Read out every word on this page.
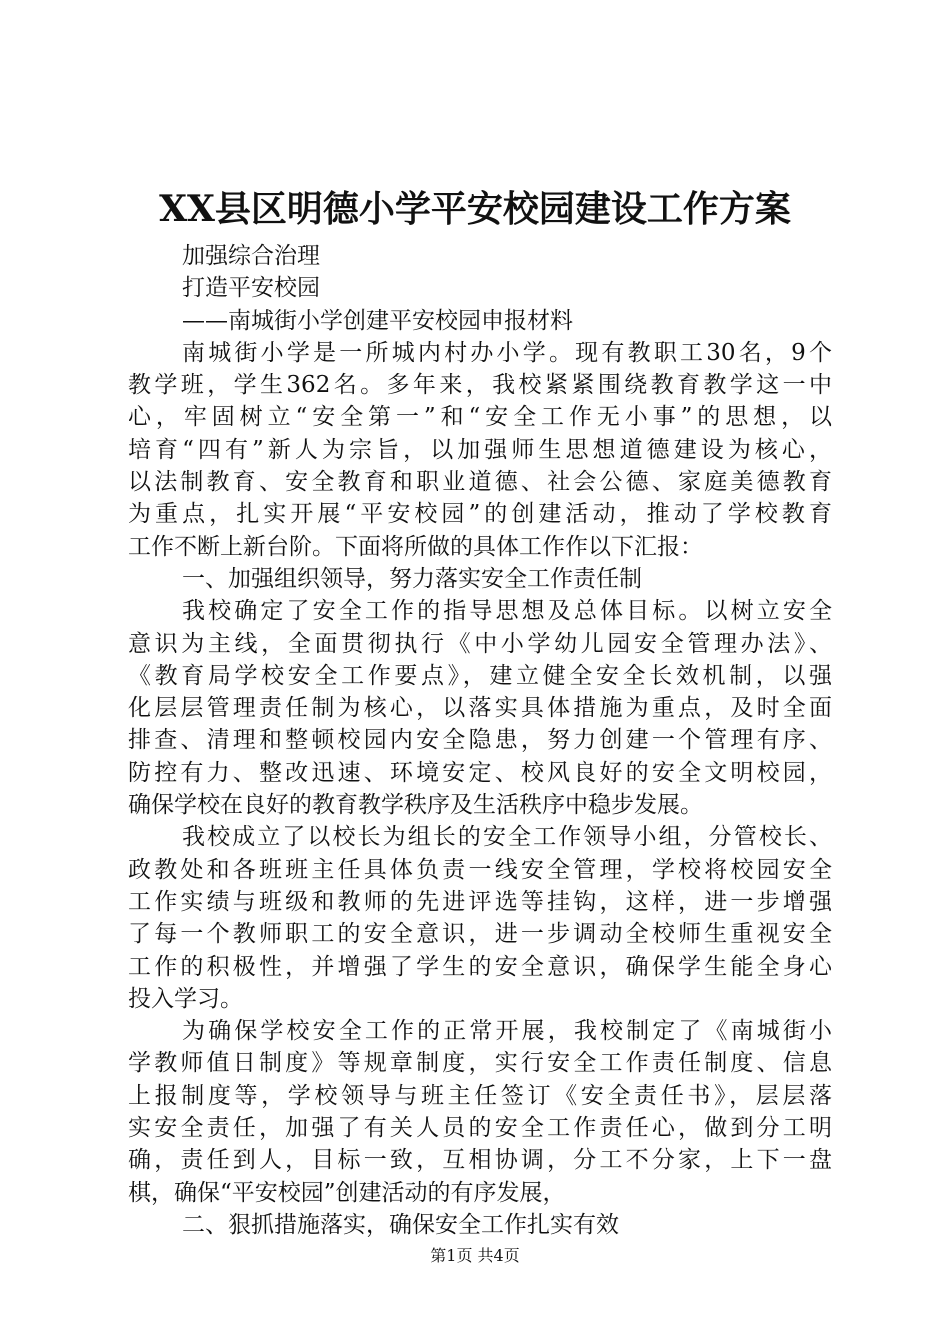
XX县区明德小学平安校园建设工作方案
加强综合治理
打造平安校园
——南城街小学创建平安校园申报材料
南城街小学是一所城内村办小学。现有教职工30名，9个
教学班，学生362名。多年来，我校紧紧围绕教育教学这一中
心，牢固树立“安全第一”和“安全工作无小事”的思想，以
培育“四有”新人为宗旨，以加强师生思想道德建设为核心，
以法制教育、安全教育和职业道德、社会公德、家庭美德教育
为重点，扎实开展“平安校园”的创建活动，推动了学校教育
工作不断上新台阶。下面将所做的具体工作作以下汇报：
一、加强组织领导，努力落实安全工作责任制
我校确定了安全工作的指导思想及总体目标。以树立安全
意识为主线，全面贯彻执行《中小学幼儿园安全管理办法》、
《教育局学校安全工作要点》，建立健全安全长效机制，以强
化层层管理责任制为核心，以落实具体措施为重点，及时全面
排查、清理和整顿校园内安全隐患，努力创建一个管理有序、
防控有力、整改迅速、环境安定、校风良好的安全文明校园，
确保学校在良好的教育教学秩序及生活秩序中稳步发展。
我校成立了以校长为组长的安全工作领导小组，分管校长、
政教处和各班班主任具体负责一线安全管理，学校将校园安全
工作实绩与班级和教师的先进评选等挂钩，这样，进一步增强
了每一个教师职工的安全意识，进一步调动全校师生重视安全
工作的积极性，并增强了学生的安全意识，确保学生能全身心
投入学习。
为确保学校安全工作的正常开展，我校制定了《南城街小
学教师值日制度》等规章制度，实行安全工作责任制度、信息
上报制度等，学校领导与班主任签订《安全责任书》，层层落
实安全责任，加强了有关人员的安全工作责任心，做到分工明
确，责任到人，目标一致，互相协调，分工不分家，上下一盘
棋，确保“平安校园”创建活动的有序发展，
二、狠抓措施落实，确保安全工作扎实有效
第1页 共4页
